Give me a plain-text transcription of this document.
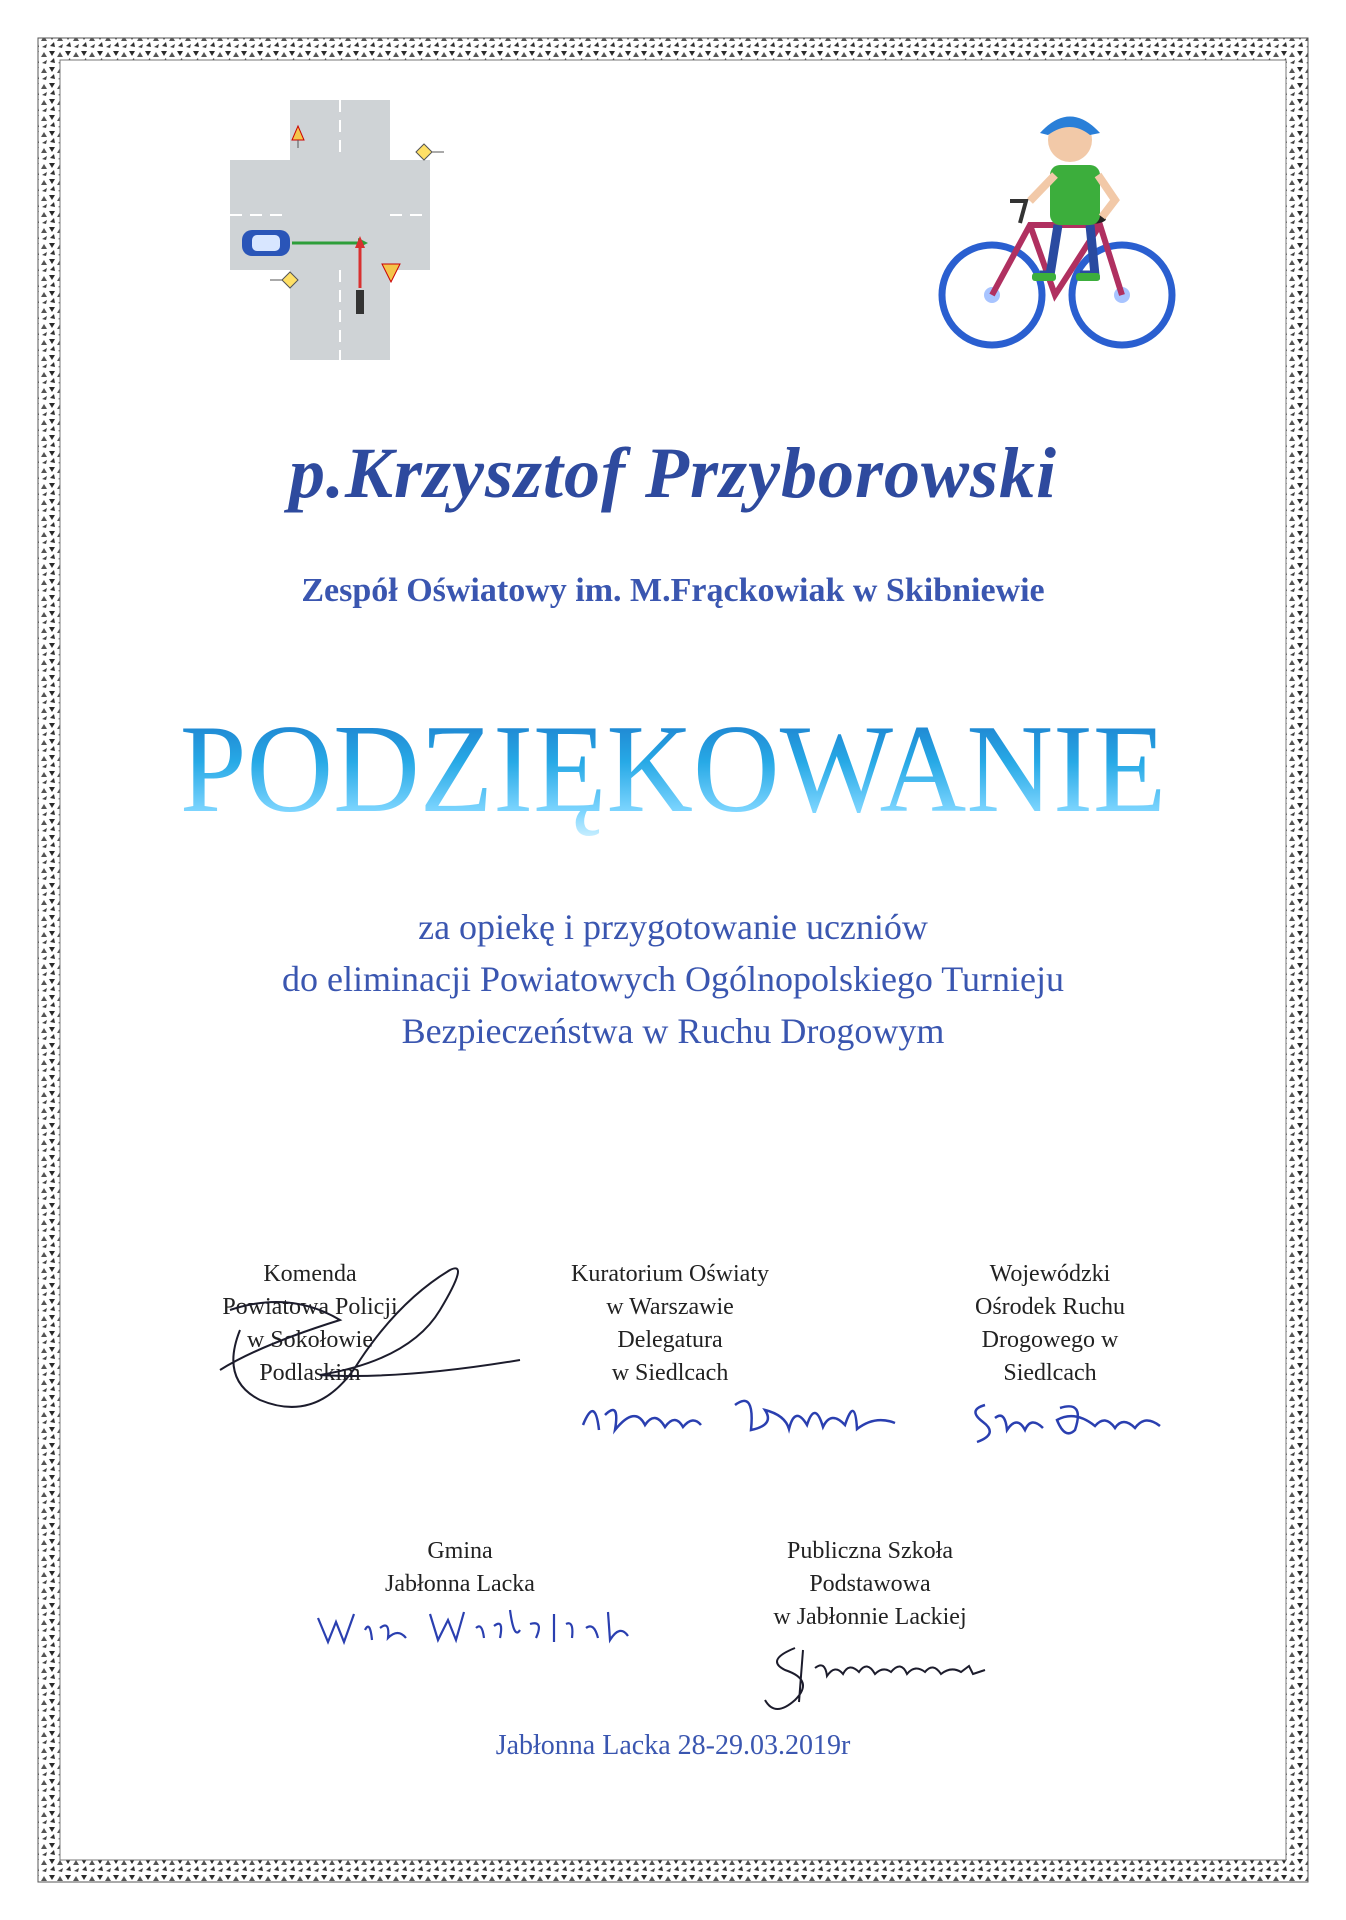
p.Krzysztof Przyborowski
Zespół Oświatowy im. M.Frąckowiak w Skibniewie
PODZIĘKOWANIE
za opiekę i przygotowanie uczniów
do eliminacji Powiatowych Ogólnopolskiego Turnieju
Bezpieczeństwa w Ruchu Drogowym
Komenda
Powiatowa Policji
w Sokołowie
Podlaskim
Kuratorium Oświaty
w Warszawie
Delegatura
w Siedlcach
Wojewódzki
Ośrodek Ruchu
Drogowego w
Siedlcach
Gmina
Jabłonna Lacka
Publiczna Szkoła
Podstawowa
w Jabłonnie Lackiej
Jabłonna Lacka 28-29.03.2019r
